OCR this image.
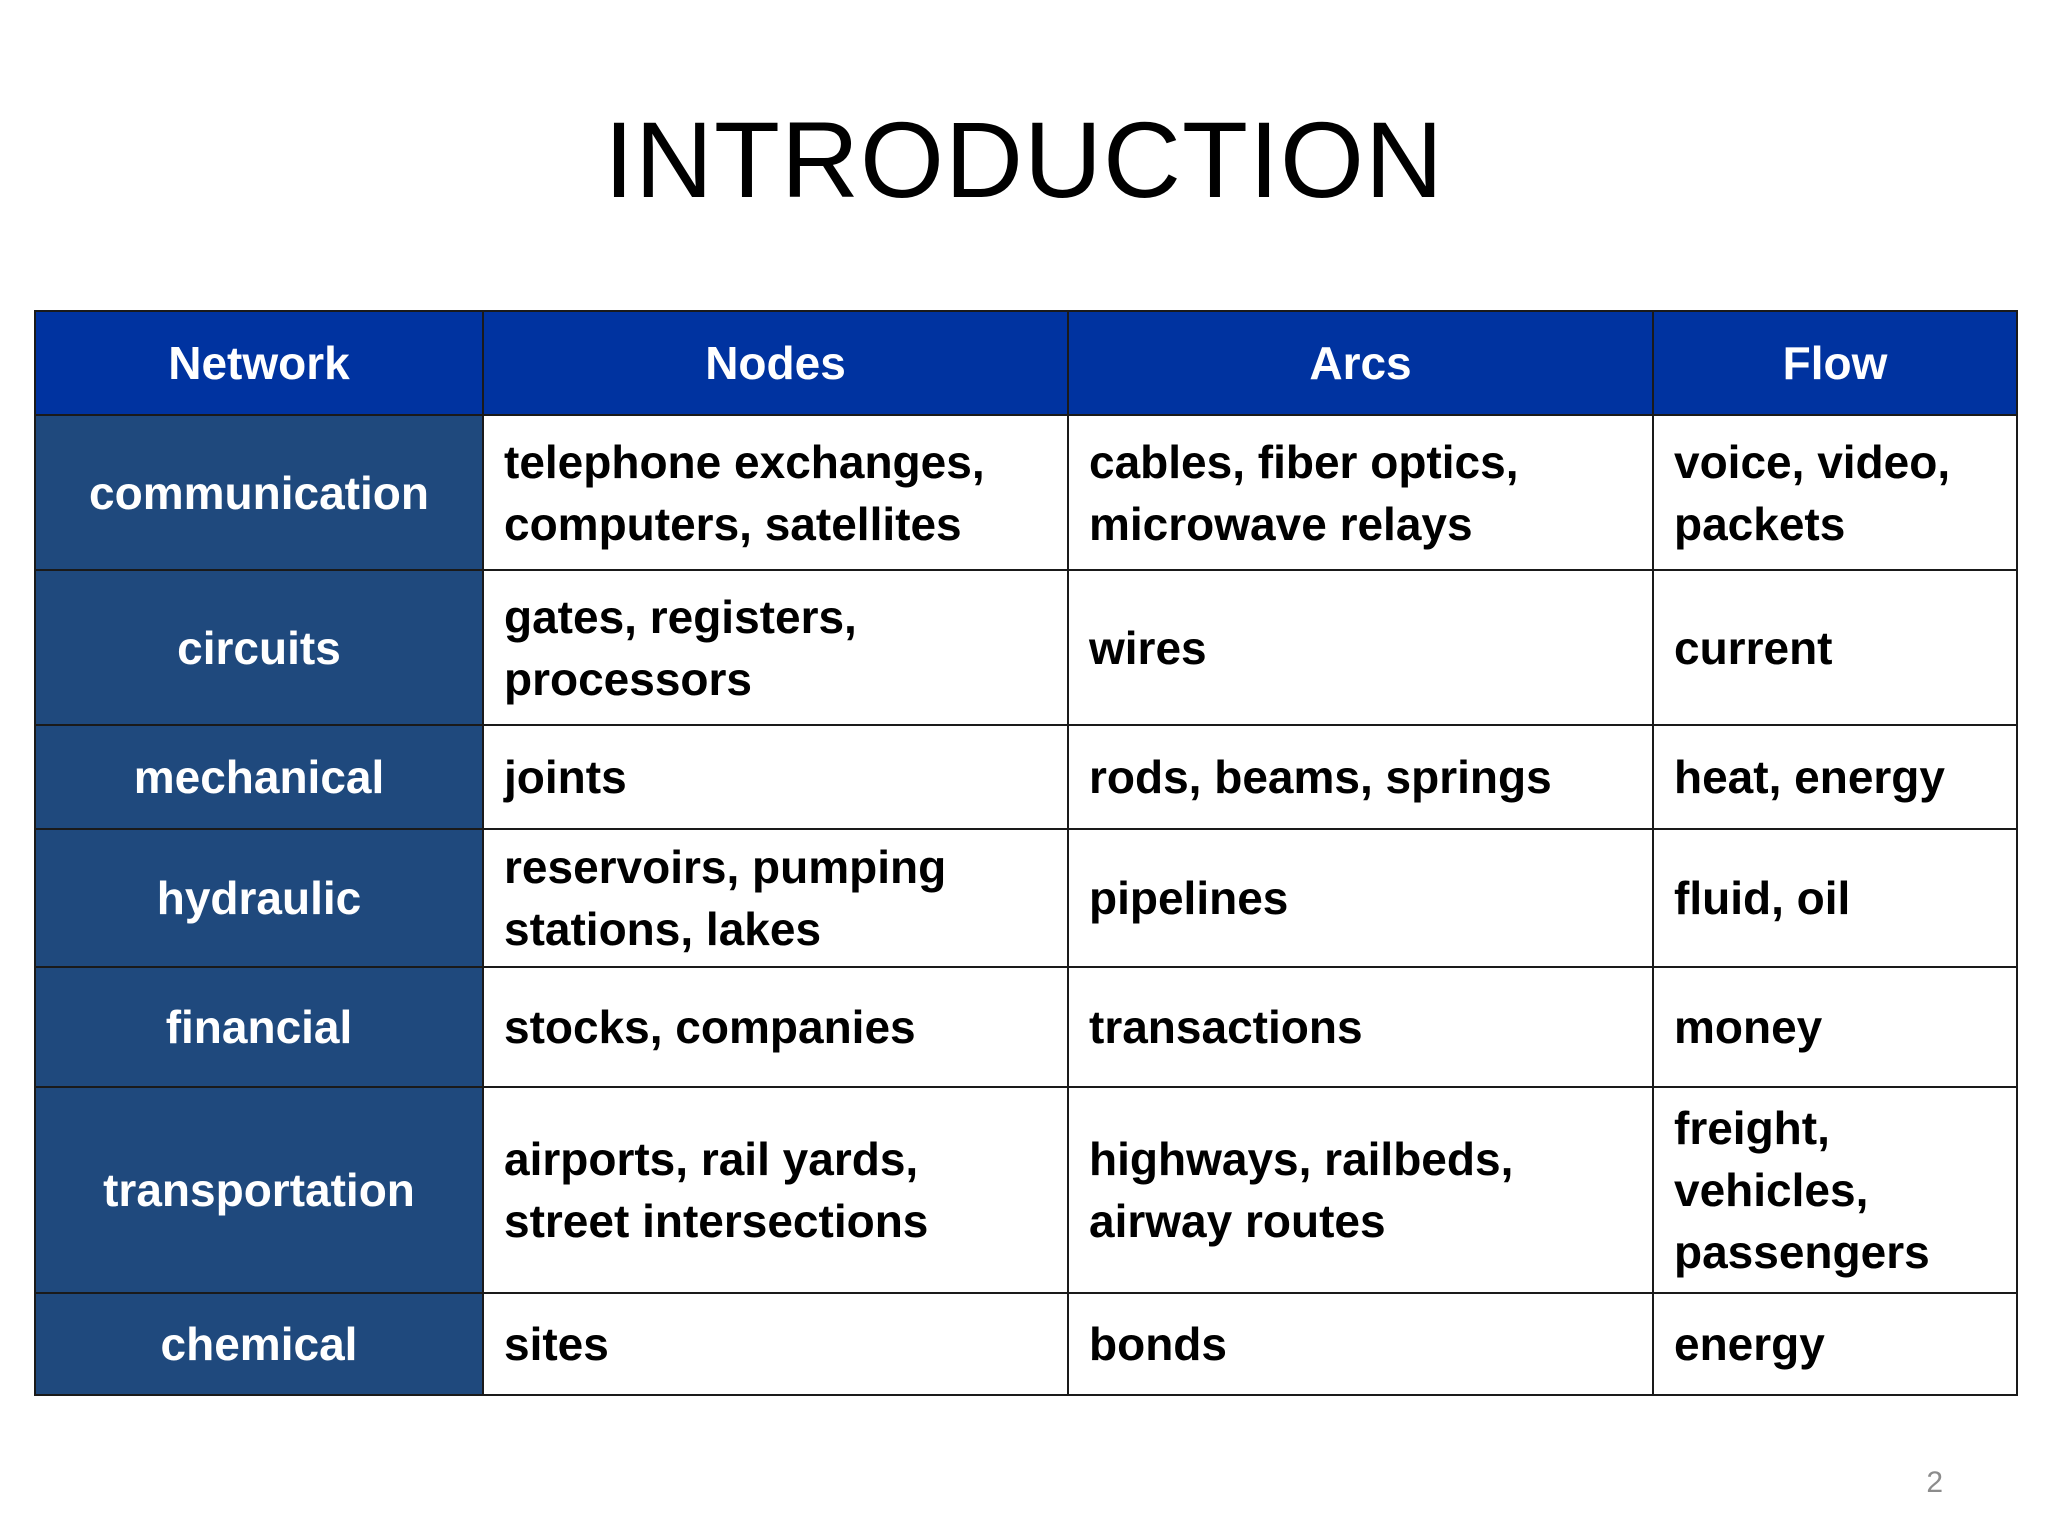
INTRODUCTION
Network	Nodes	Arcs	Flow
communication	telephone exchanges, computers, satellites	cables, fiber optics, microwave relays	voice, video, packets
circuits	gates, registers, processors	wires	current
mechanical	joints	rods, beams, springs	heat, energy
hydraulic	reservoirs, pumping stations, lakes	pipelines	fluid, oil
financial	stocks, companies	transactions	money
transportation	airports, rail yards, street intersections	highways, railbeds, airway routes	freight, vehicles, passengers
chemical	sites	bonds	energy
2
